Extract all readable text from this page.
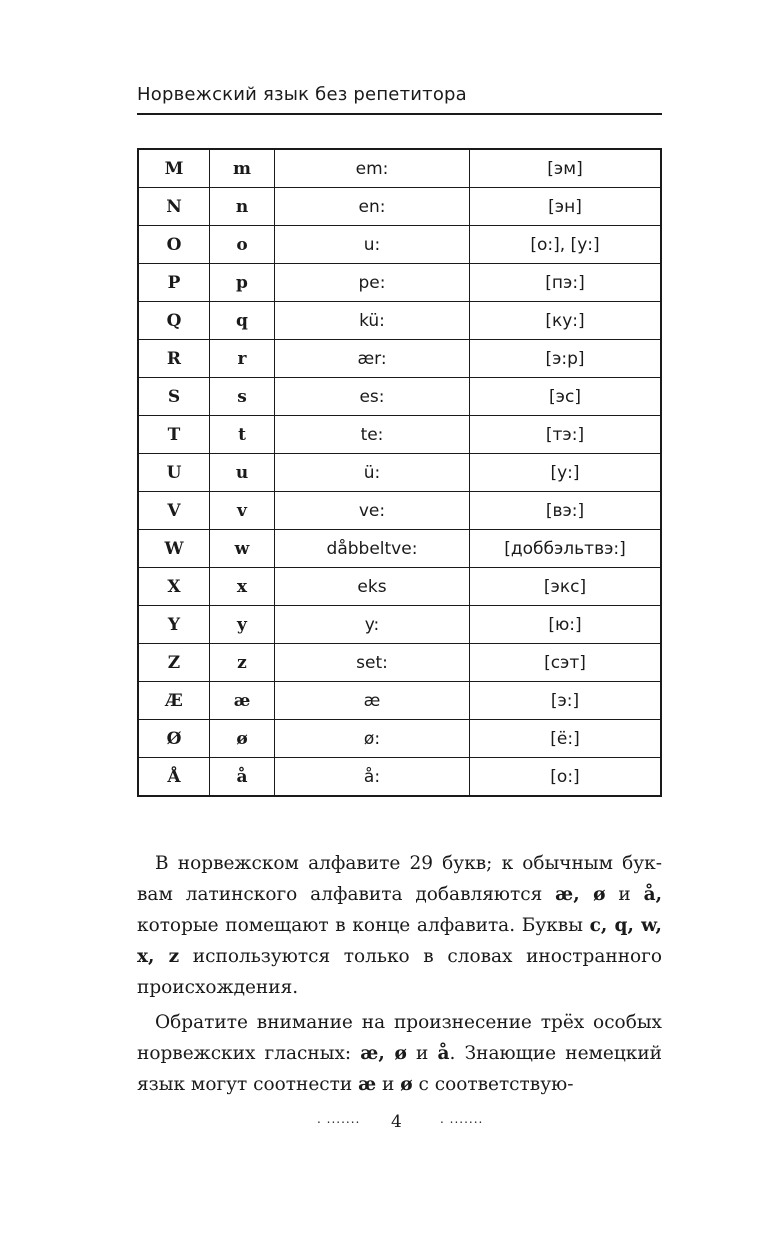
Норвежский язык без репетитора
M	m	em:	[эм]
N	n	en:	[эн]
O	o	u:	[о:], [у:]
P	p	pe:	[пэ:]
Q	q	kü:	[ку:]
R	r	ær:	[э:р]
S	s	es:	[эс]
T	t	te:	[тэ:]
U	u	ü:	[у:]
V	v	ve:	[вэ:]
W	w	dåbbeltve:	[доббэльтвэ:]
X	x	eks	[экс]
Y	y	y:	[ю:]
Z	z	set:	[сэт]
Æ	æ	æ	[э:]
Ø	ø	ø:	[ё:]
Å	å	å:	[о:]

В норвежском алфавите 29 букв; к обычным буквам латинского алфавита добавляются æ, ø и å, которые помещают в конце алфавита. Буквы c, q, w, x, z используются только в словах иностранного происхождения.

Обратите внимание на произнесение трёх особых норвежских гласных: æ, ø и å. Знающие немецкий язык могут соотнести æ и ø с соответствую-

. ....... 4	. .......
